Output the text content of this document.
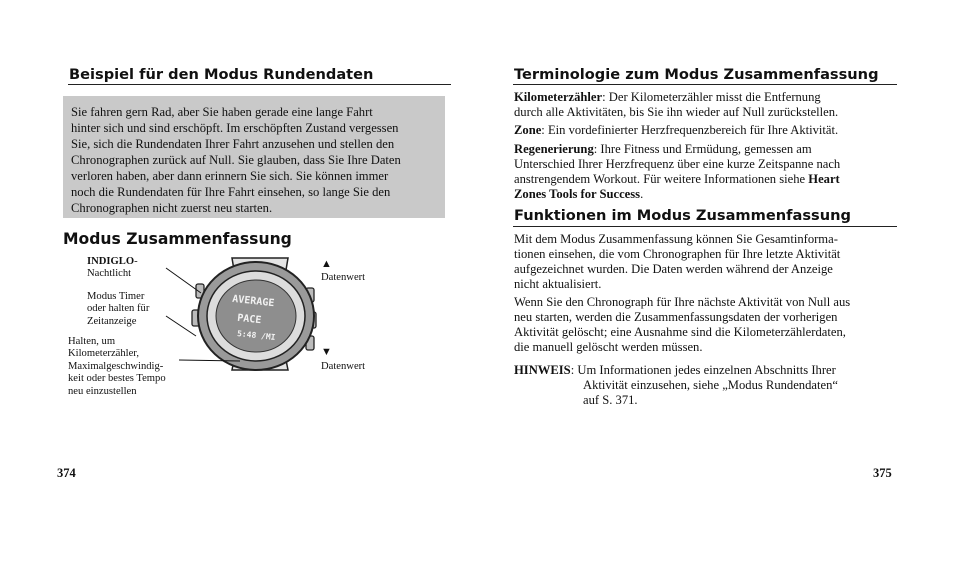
Beispiel für den Modus Rundendaten
Sie fahren gern Rad, aber Sie haben gerade eine lange Fahrt
hinter sich und sind erschöpft. Im erschöpften Zustand vergessen
Sie, sich die Rundendaten Ihrer Fahrt anzusehen und stellen den
Chronographen zurück auf Null. Sie glauben, dass Sie Ihre Daten
verloren haben, aber dann erinnern Sie sich. Sie können immer
noch die Rundendaten für Ihre Fahrt einsehen, so lange Sie den
Chronographen nicht zuerst neu starten.
Modus Zusammenfassung
INDIGLO-
Nachtlicht
Modus Timer
oder halten für
Zeitanzeige
Halten, um
Kilometerzähler,
Maximalgeschwindig-
keit oder bestes Tempo
neu einzustellen
▲
Datenwert
▼
Datenwert
AVERAGE
PACE
5:48 /MI
374
Terminologie zum Modus Zusammenfassung
Kilometerzähler: Der Kilometerzähler misst die Entfernung
durch alle Aktivitäten, bis Sie ihn wieder auf Null zurückstellen.
Zone: Ein vordefinierter Herzfrequenzbereich für Ihre Aktivität.
Regenerierung: Ihre Fitness und Ermüdung, gemessen am
Unterschied Ihrer Herzfrequenz über eine kurze Zeitspanne nach
anstrengendem Workout. Für weitere Informationen siehe Heart
Zones Tools for Success.
Funktionen im Modus Zusammenfassung
Mit dem Modus Zusammenfassung können Sie Gesamtinforma-
tionen einsehen, die vom Chronographen für Ihre letzte Aktivität
aufgezeichnet wurden. Die Daten werden während der Anzeige
nicht aktualisiert.
Wenn Sie den Chronograph für Ihre nächste Aktivität von Null aus
neu starten, werden die Zusammenfassungsdaten der vorherigen
Aktivität gelöscht; eine Ausnahme sind die Kilometerzählerdaten,
die manuell gelöscht werden müssen.
HINWEIS: Um Informationen jedes einzelnen Abschnitts Ihrer
Aktivität einzusehen, siehe „Modus Rundendaten“
auf S. 371.
375
